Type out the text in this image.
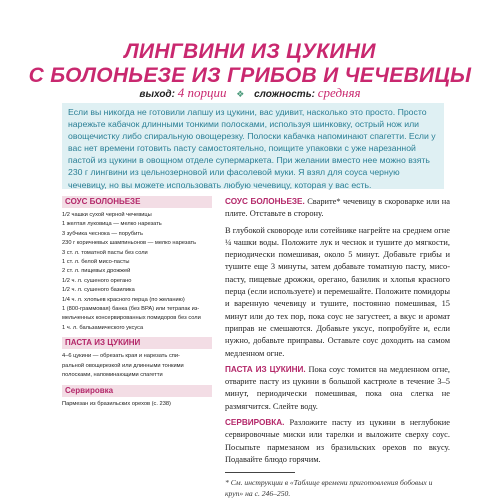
ЛИНГВИНИ ИЗ ЦУКИНИ
С БОЛОНЬЕЗЕ ИЗ ГРИБОВ И ЧЕЧЕВИЦЫ
выход: 4 порции ❖ сложность: средняя
Если вы никогда не готовили лапшу из цукини, вас удивит, насколько это просто. Просто нарежьте кабачок длинными тонкими полосками, используя шинковку, острый нож или овощечистку либо спиральную овощерезку. Полоски кабачка напоминают спагетти. Если у вас нет времени готовить пасту самостоятельно, поищите упаковки с уже нарезанной пастой из цукини в овощном отделе супермаркета. При желании вместо нее можно взять 230 г лингвини из цельнозерновой или фасолевой муки. Я взял для соуса черную чечевицу, но вы можете использовать любую чечевицу, которая у вас есть.
СОУС БОЛОНЬЕЗЕ
1/2 чашки сухой черной чечевицы
1 желтая луковица — мелко нарезать
3 зубчика чеснока — порубить
230 г коричневых шампиньонов — мелко нарезать
3 ст. л. томатной пасты без соли
1 ст. л. белой мисо-пасты
2 ст. л. пищевых дрожжей
1/2 ч. л. сушеного орегано
1/2 ч. л. сушеного базилика
1/4 ч. л. хлопьев красного перца (по желанию)
1 (800-граммовая) банка (без BPA) или тетрапак из-
мельченных консервированных помидоров без соли
1 ч. л. бальзамического уксуса
ПАСТА ИЗ ЦУКИНИ
4–6 цукини — обрезать края и нарезать спи-
ральной овощерезкой или длинными тонкими
полосками, напоминающими спагетти
Сервировка
Пармезан из бразильских орехов (с. 238)

СОУС БОЛОНЬЕЗЕ. Сварите* чечевицу в скороварке или на плите. Отставьте в сторону.

В глубокой сковороде или сотейнике нагрейте на среднем огне ¼ чашки воды. Положите лук и чеснок и тушите до мягкости, периодически помешивая, около 5 минут. Добавьте грибы и тушите еще 3 минуты, затем добавьте томатную пасту, мисо-пасту, пищевые дрожжи, орегано, базилик и хлопья красного перца (если используете) и перемешайте. Положите помидоры и варенную чечевицу и тушите, постоянно помешивая, 15 минут или до тех пор, пока соус не загустеет, а вкус и аромат приправ не смешаются. Добавьте уксус, попробуйте и, если нужно, добавьте приправы. Оставьте соус доходить на самом медленном огне.

ПАСТА ИЗ ЦУКИНИ. Пока соус томится на медленном огне, отварите пасту из цукини в большой кастрюле в течение 3–5 минут, периодически помешивая, пока она слегка не размягчится. Слейте воду.

СЕРВИРОВКА. Разложите пасту из цукини в неглубокие сервировочные миски или тарелки и выложите сверху соус. Посыпьте пармезаном из бразильских орехов по вкусу. Подавайте блюдо горячим.

* См. инструкции в «Таблице времени приготовления бобовых и круп» на с. 246–250.
